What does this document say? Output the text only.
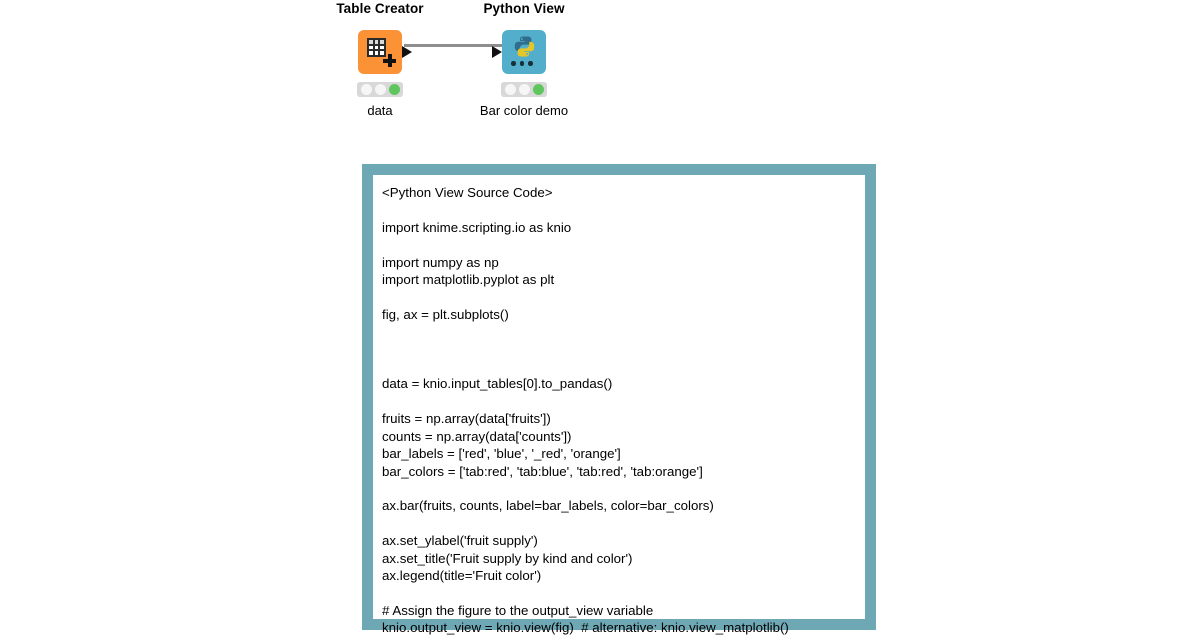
Table Creator
data
Python View
Bar color demo
<Python View Source Code>

import knime.scripting.io as knio

import numpy as np
import matplotlib.pyplot as plt

fig, ax = plt.subplots()

data = knio.input_tables[0].to_pandas()

fruits = np.array(data['fruits'])
counts = np.array(data['counts'])
bar_labels = ['red', 'blue', '_red', 'orange']
bar_colors = ['tab:red', 'tab:blue', 'tab:red', 'tab:orange']

ax.bar(fruits, counts, label=bar_labels, color=bar_colors)

ax.set_ylabel('fruit supply')
ax.set_title('Fruit supply by kind and color')
ax.legend(title='Fruit color')

# Assign the figure to the output_view variable
knio.output_view = knio.view(fig)  # alternative: knio.view_matplotlib()
